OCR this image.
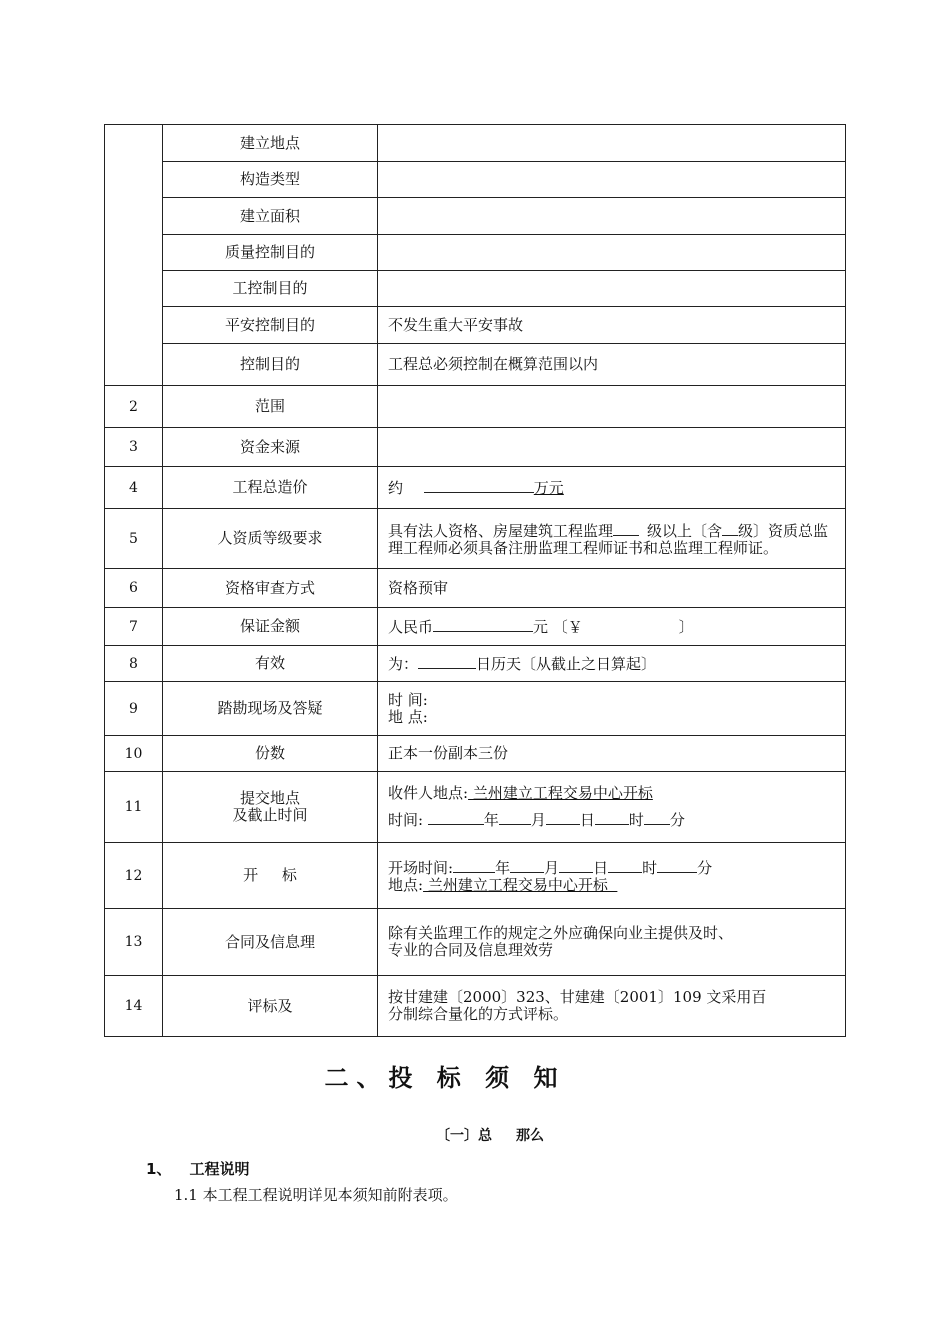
	建立地点	
	构造类型	
	建立面积	
	质量控制目的	
	工控制目的	
	平安控制目的	不发生重大平安事故
	控制目的	工程总必须控制在概算范围以内
2	范围	
3	资金来源	
4	工程总造价	约 万元
5	人资质等级要求	具有法人资格、房屋建筑工程监理 级以上〔含 级〕资质总监理工程师必须具备注册监理工程师证书和总监理工程师证。
6	资格审查方式	资格预审
7	保证金额	人民币 元 〔￥ 〕
8	有效	为： 日历天〔从截止之日算起〕
9	踏勘现场及答疑	时 间:
地 点:

10	份数	正本一份副本三份
11	提交地点
及截止时间	收件人地点: 兰州建立工程交易中心开标
时间: 年 月 日 时 分

12	开     标	开场时间: 年 月 日 时 分
地点: 兰州建立工程交易中心开标

13	合同及信息理	除有关监理工作的规定之外应确保向业主提供及时、
专业的合同及信息理效劳

14	评标及	按甘建建〔2000〕323、甘建建〔2001〕109 文采用百
分制综合量化的方式评标。
二、投 标 须 知
〔一〕总 那么
1、 工程说明
1.1 本工程工程说明详见本须知前附表项。
